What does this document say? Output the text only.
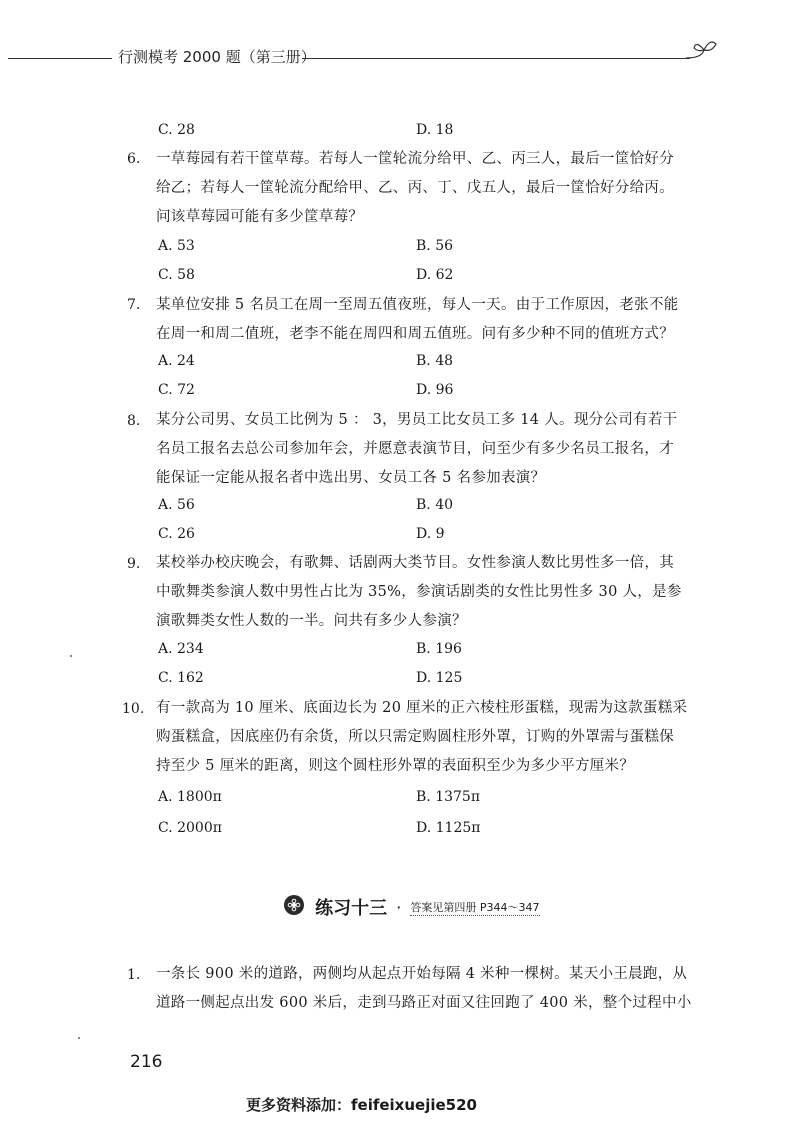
行测模考 2000 题（第三册）
C. 28	D. 18
6. 一草莓园有若干筐草莓。若每人一筐轮流分给甲、乙、丙三人，最后一筐恰好分
给乙；若每人一筐轮流分配给甲、乙、丙、丁、戊五人，最后一筐恰好分给丙。
问该草莓园可能有多少筐草莓？
A. 53	B. 56
C. 58	D. 62
7. 某单位安排 5 名员工在周一至周五值夜班，每人一天。由于工作原因，老张不能
在周一和周二值班，老李不能在周四和周五值班。问有多少种不同的值班方式？
A. 24	B. 48
C. 72	D. 96
8. 某分公司男、女员工比例为 5 ： 3，男员工比女员工多 14 人。现分公司有若干
名员工报名去总公司参加年会，并愿意表演节目，问至少有多少名员工报名，才
能保证一定能从报名者中选出男、女员工各 5 名参加表演？
A. 56	B. 40
C. 26	D. 9
9. 某校举办校庆晚会，有歌舞、话剧两大类节目。女性参演人数比男性多一倍，其
中歌舞类参演人数中男性占比为 35%，参演话剧类的女性比男性多 30 人，是参
演歌舞类女性人数的一半。问共有多少人参演？
A. 234	B. 196
C. 162	D. 125
10. 有一款高为 10 厘米、底面边长为 20 厘米的正六棱柱形蛋糕，现需为这款蛋糕采
购蛋糕盒，因底座仍有余货，所以只需定购圆柱形外罩，订购的外罩需与蛋糕保
持至少 5 厘米的距离，则这个圆柱形外罩的表面积至少为多少平方厘米？
A. 1800π	B. 1375π
C. 2000π	D. 1125π
练习十三 · 答案见第四册 P344～347
1. 一条长 900 米的道路，两侧均从起点开始每隔 4 米种一棵树。某天小王晨跑，从
道路一侧起点出发 600 米后，走到马路正对面又往回跑了 400 米，整个过程中小
216
更多资料添加：feifeixuejie520
